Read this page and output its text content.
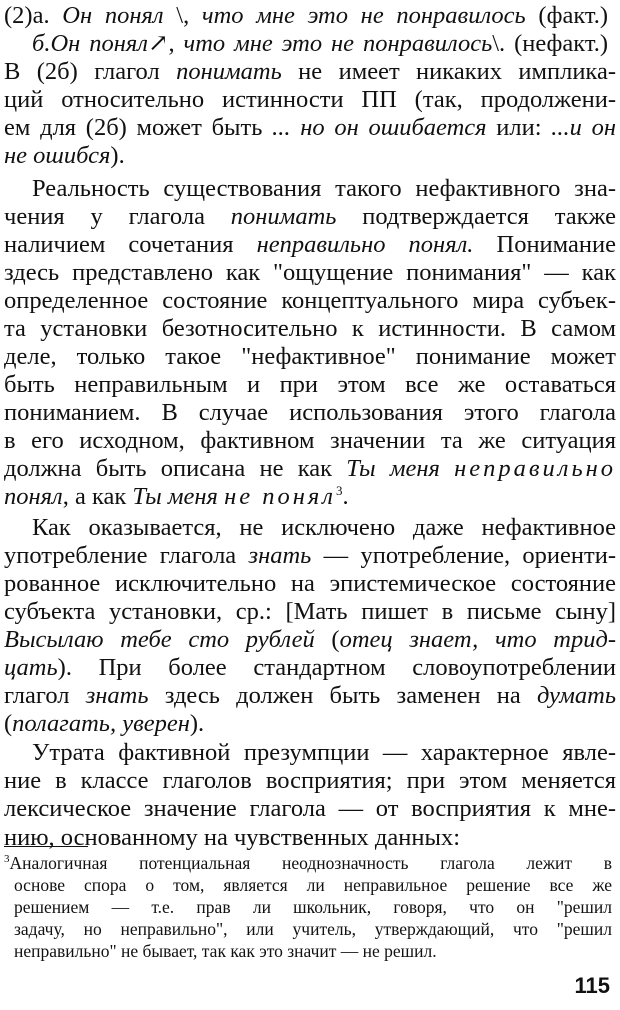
(2)а. Он понял \, что мне это не понравилось (факт.)
б.Он понял↗, что мне это не понравилось\. (нефакт.)
В (2б) глагол понимать не имеет никаких имплика-
ций относительно истинности ПП (так, продолжени-
ем для (2б) может быть ... но он ошибается или: ...и он
не ошибся).
Реальность существования такого нефактивного зна-
чения у глагола понимать подтверждается также
наличием сочетания неправильно понял. Понимание
здесь представлено как "ощущение понимания" — как
определенное состояние концептуального мира субъек-
та установки безотносительно к истинности. В самом
деле, только такое "нефактивное" понимание может
быть неправильным и при этом все же оставаться
пониманием. В случае использования этого глагола
в его исходном, фактивном значении та же ситуация
должна быть описана не как Ты меня неправильно
понял, а как Ты меня не понял$^3$.
Как оказывается, не исключено даже нефактивное
употребление глагола знать — употребление, ориенти-
рованное исключительно на эпистемическое состояние
субъекта установки, ср.: [Мать пишет в письме сыну]
Высылаю тебе сто рублей (отец знает, что трид-
цать). При более стандартном словоупотреблении
глагол знать здесь должен быть заменен на думать
(полагать, уверен).
Утрата фактивной презумпции — характерное явле-
ние в классе глаголов восприятия; при этом меняется
лексическое значение глагола — от восприятия к мне-
нию, основанному на чувственных данных:
$^3$Аналогичная потенциальная неоднозначность глагола лежит в
основе спора о том, является ли неправильное решение все же
решением — т.е. прав ли школьник, говоря, что он "решил
задачу, но неправильно", или учитель, утверждающий, что "решил
неправильно" не бывает, так как это значит — не решил.
115
